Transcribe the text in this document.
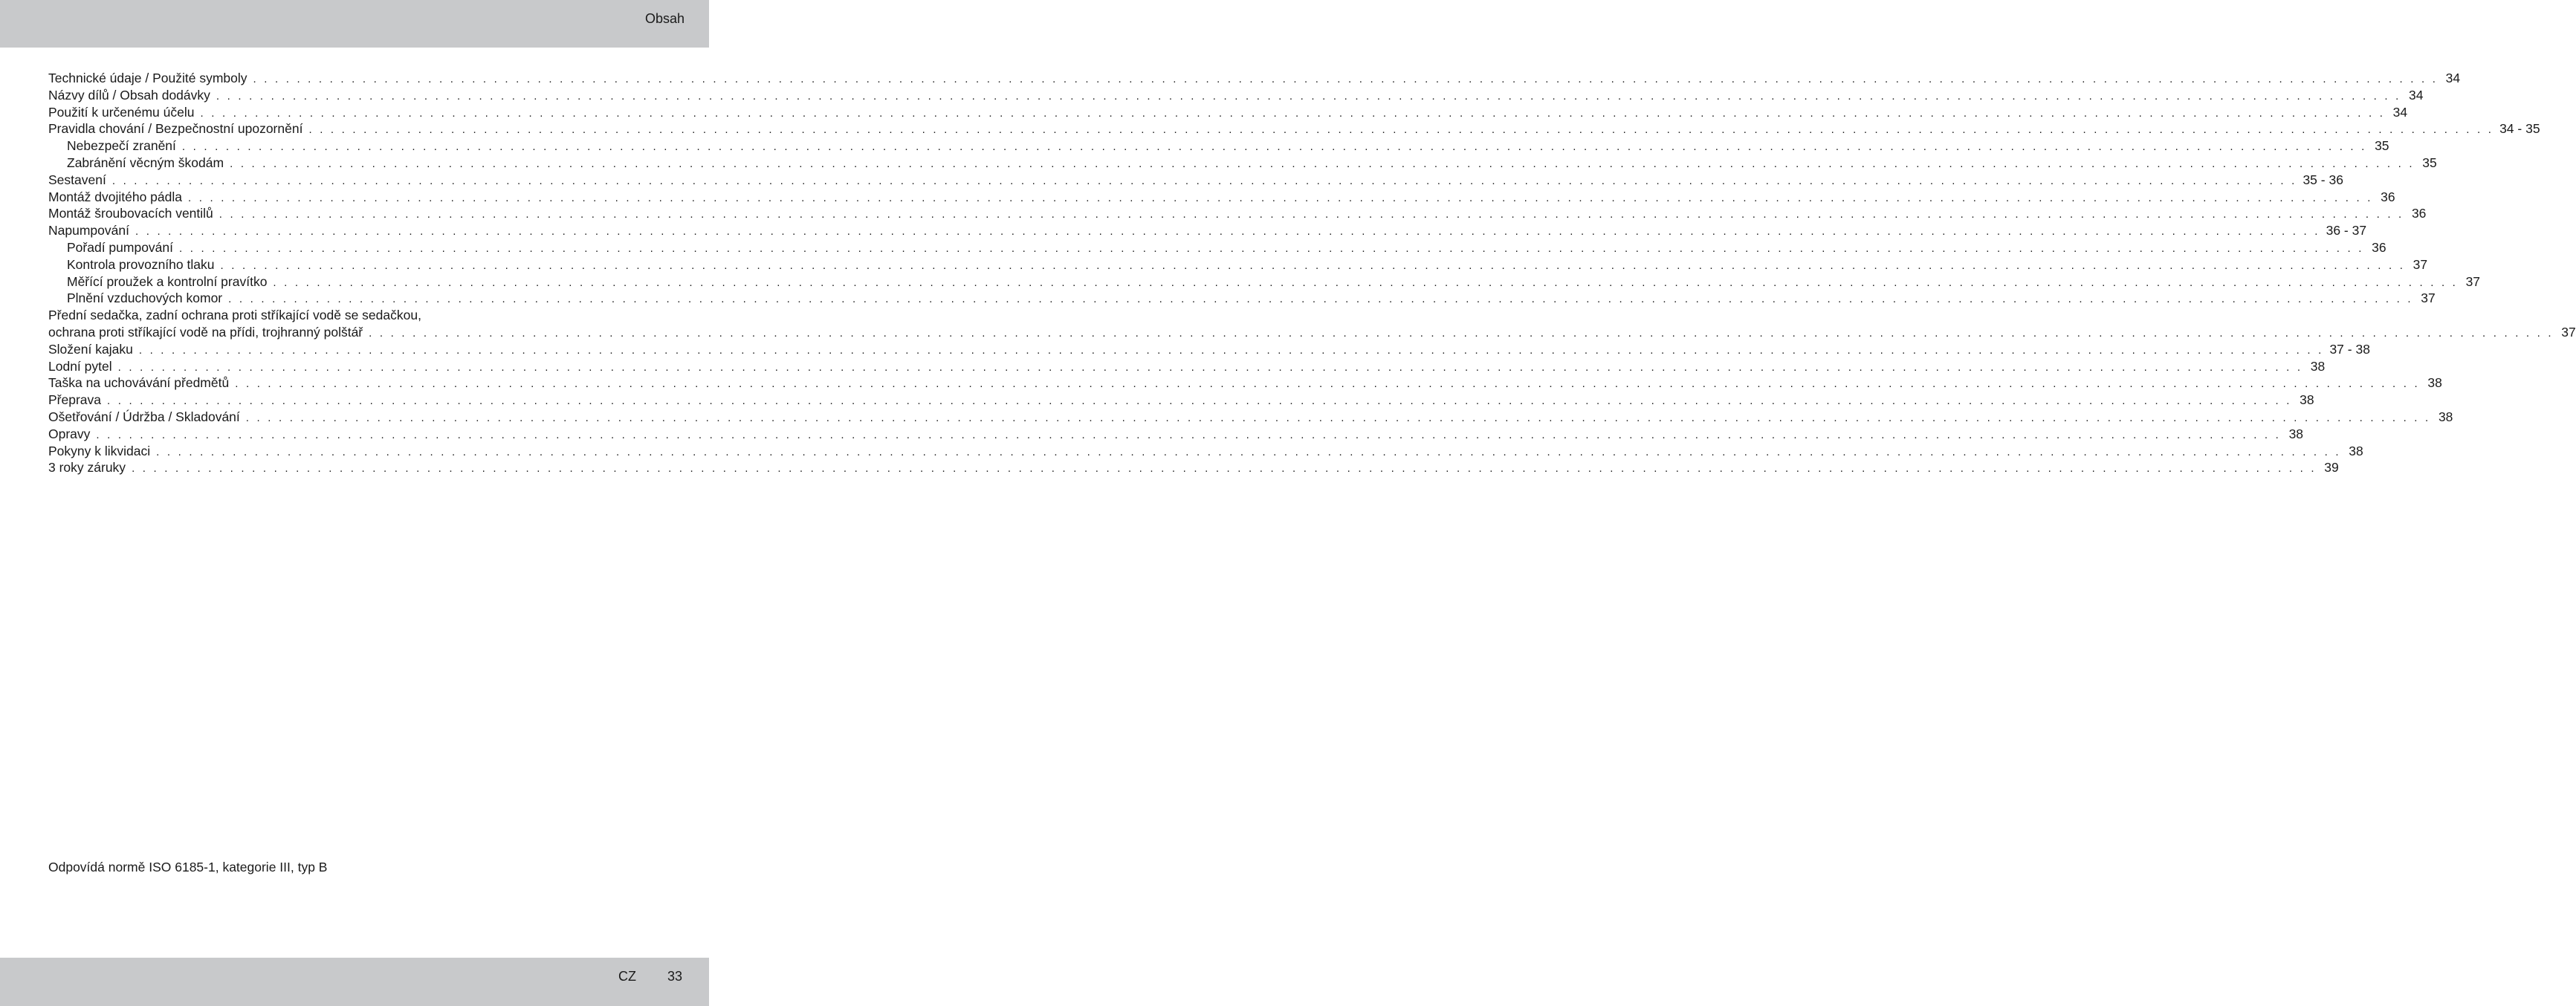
Obsah
Technické údaje / Použité symboly . . . . . . . . . . . . . . . . . . . . . . . . . . . . . . . . . . . . . . . . . . . . . . . . . . . . . . . . . . . . . . . . . . . . . . . . . . . . . . . . . . . . . . . . . . . . . . . . . . . . . . . . . . . . . . . . . . . . . . . . . . . . . . . . . . . . . . . . . . . . . . . . . . . . . . . . . . . . . . . . . . . . . . . . . . . . . . . . . . . . . . . . . . . . . . . . . . . . . . . . 34
Názvy dílů / Obsah dodávky . . . . . . . . . . . . . . . . . . . . . . . . . . . . . . . . . . . . . . . . . . . . . . . . . . . . . . . . . . . . . . . . . . . . . . . . . . . . . . . . . . . . . . . . . . . . . . . . . . . . . . . . . . . . . . . . . . . . . . . . . . . . . . . . . . . . . . . . . . . . . . . . . . . . . . . . . . . . . . . . . . . . . . . . . . . . . . . . . . . . . . . . . . . . . . . . . . . . . . . . 34
Použití k určenému účelu . . . . . . . . . . . . . . . . . . . . . . . . . . . . . . . . . . . . . . . . . . . . . . . . . . . . . . . . . . . . . . . . . . . . . . . . . . . . . . . . . . . . . . . . . . . . . . . . . . . . . . . . . . . . . . . . . . . . . . . . . . . . . . . . . . . . . . . . . . . . . . . . . . . . . . . . . . . . . . . . . . . . . . . . . . . . . . . . . . . . . . . . . . . . . . . . . . . . . . . . 34
Pravidla chování / Bezpečnostní upozornění . . . . . . . . . . . . . . . . . . . . . . . . . . . . . . . . . . . . . . . . . . . . . . . . . . . . . . . . . . . . . . . . . . . . . . . . . . . . . . . . . . . . . . . . . . . . . . . . . . . . . . . . . . . . . . . . . . . . . . . . . . . . . . . . . . . . . . . . . . . . . . . . . . . . . . . . . . . . . . . . . . . . . . . . . . . . . . . . . . . . . . . . . . . . . . . . . . . . . . . . 34 - 35
Nebezpečí zranění . . . . . . . . . . . . . . . . . . . . . . . . . . . . . . . . . . . . . . . . . . . . . . . . . . . . . . . . . . . . . . . . . . . . . . . . . . . . . . . . . . . . . . . . . . . . . . . . . . . . . . . . . . . . . . . . . . . . . . . . . . . . . . . . . . . . . . . . . . . . . . . . . . . . . . . . . . . . . . . . . . . . . . . . . . . . . . . . . . . . . . . . . . . . . . . . . . . . . . . . 35
Zabránění věcným škodám . . . . . . . . . . . . . . . . . . . . . . . . . . . . . . . . . . . . . . . . . . . . . . . . . . . . . . . . . . . . . . . . . . . . . . . . . . . . . . . . . . . . . . . . . . . . . . . . . . . . . . . . . . . . . . . . . . . . . . . . . . . . . . . . . . . . . . . . . . . . . . . . . . . . . . . . . . . . . . . . . . . . . . . . . . . . . . . . . . . . . . . . . . . . . . . . . . . . . . . . 35
Sestavení . . . . . . . . . . . . . . . . . . . . . . . . . . . . . . . . . . . . . . . . . . . . . . . . . . . . . . . . . . . . . . . . . . . . . . . . . . . . . . . . . . . . . . . . . . . . . . . . . . . . . . . . . . . . . . . . . . . . . . . . . . . . . . . . . . . . . . . . . . . . . . . . . . . . . . . . . . . . . . . . . . . . . . . . . . . . . . . . . . . . . . . . . . . . . . . . . . . . . . . . 35 - 36
Montáž dvojitého pádla . . . . . . . . . . . . . . . . . . . . . . . . . . . . . . . . . . . . . . . . . . . . . . . . . . . . . . . . . . . . . . . . . . . . . . . . . . . . . . . . . . . . . . . . . . . . . . . . . . . . . . . . . . . . . . . . . . . . . . . . . . . . . . . . . . . . . . . . . . . . . . . . . . . . . . . . . . . . . . . . . . . . . . . . . . . . . . . . . . . . . . . . . . . . . . . . . . . . . . . . 36
Montáž šroubovacích ventilů . . . . . . . . . . . . . . . . . . . . . . . . . . . . . . . . . . . . . . . . . . . . . . . . . . . . . . . . . . . . . . . . . . . . . . . . . . . . . . . . . . . . . . . . . . . . . . . . . . . . . . . . . . . . . . . . . . . . . . . . . . . . . . . . . . . . . . . . . . . . . . . . . . . . . . . . . . . . . . . . . . . . . . . . . . . . . . . . . . . . . . . . . . . . . . . . . . . . . . . . 36
Napumpování . . . . . . . . . . . . . . . . . . . . . . . . . . . . . . . . . . . . . . . . . . . . . . . . . . . . . . . . . . . . . . . . . . . . . . . . . . . . . . . . . . . . . . . . . . . . . . . . . . . . . . . . . . . . . . . . . . . . . . . . . . . . . . . . . . . . . . . . . . . . . . . . . . . . . . . . . . . . . . . . . . . . . . . . . . . . . . . . . . . . . . . . . . . . . . . . . . . . . . . . 36 - 37
Pořadí pumpování . . . . . . . . . . . . . . . . . . . . . . . . . . . . . . . . . . . . . . . . . . . . . . . . . . . . . . . . . . . . . . . . . . . . . . . . . . . . . . . . . . . . . . . . . . . . . . . . . . . . . . . . . . . . . . . . . . . . . . . . . . . . . . . . . . . . . . . . . . . . . . . . . . . . . . . . . . . . . . . . . . . . . . . . . . . . . . . . . . . . . . . . . . . . . . . . . . . . . . . . 36
Kontrola provozního tlaku . . . . . . . . . . . . . . . . . . . . . . . . . . . . . . . . . . . . . . . . . . . . . . . . . . . . . . . . . . . . . . . . . . . . . . . . . . . . . . . . . . . . . . . . . . . . . . . . . . . . . . . . . . . . . . . . . . . . . . . . . . . . . . . . . . . . . . . . . . . . . . . . . . . . . . . . . . . . . . . . . . . . . . . . . . . . . . . . . . . . . . . . . . . . . . . . . . . . . . . . 37
Měřící proužek a kontrolní pravítko . . . . . . . . . . . . . . . . . . . . . . . . . . . . . . . . . . . . . . . . . . . . . . . . . . . . . . . . . . . . . . . . . . . . . . . . . . . . . . . . . . . . . . . . . . . . . . . . . . . . . . . . . . . . . . . . . . . . . . . . . . . . . . . . . . . . . . . . . . . . . . . . . . . . . . . . . . . . . . . . . . . . . . . . . . . . . . . . . . . . . . . . . . . . . . . . . . . . . . . . 37
Plnění vzduchových komor . . . . . . . . . . . . . . . . . . . . . . . . . . . . . . . . . . . . . . . . . . . . . . . . . . . . . . . . . . . . . . . . . . . . . . . . . . . . . . . . . . . . . . . . . . . . . . . . . . . . . . . . . . . . . . . . . . . . . . . . . . . . . . . . . . . . . . . . . . . . . . . . . . . . . . . . . . . . . . . . . . . . . . . . . . . . . . . . . . . . . . . . . . . . . . . . . . . . . . . . 37
Přední sedačka, zadní ochrana proti stříkající vodě se sedačkou,
ochrana proti stříkající vodě na přídi, trojhranný polštář . . . . . . . . . . . . . . . . . . . . . . . . . . . . . . . . . . . . . . . . . . . . . . . . . . . . . . . . . . . . . . . . . . . . . . . . . . . . . . . . . . . . . . . . . . . . . . . . . . . . . . . . . . . . . . . . . . . . . . . . . . . . . . . . . . . . . . . . . . . . . . . . . . . . . . . . . . . . . . . . . . . . . . . . . . . . . . . . . . . . . . . . . . . . . . . . . . . . . . . . 37
Složení kajaku . . . . . . . . . . . . . . . . . . . . . . . . . . . . . . . . . . . . . . . . . . . . . . . . . . . . . . . . . . . . . . . . . . . . . . . . . . . . . . . . . . . . . . . . . . . . . . . . . . . . . . . . . . . . . . . . . . . . . . . . . . . . . . . . . . . . . . . . . . . . . . . . . . . . . . . . . . . . . . . . . . . . . . . . . . . . . . . . . . . . . . . . . . . . . . . . . . . . . . . . 37 - 38
Lodní pytel . . . . . . . . . . . . . . . . . . . . . . . . . . . . . . . . . . . . . . . . . . . . . . . . . . . . . . . . . . . . . . . . . . . . . . . . . . . . . . . . . . . . . . . . . . . . . . . . . . . . . . . . . . . . . . . . . . . . . . . . . . . . . . . . . . . . . . . . . . . . . . . . . . . . . . . . . . . . . . . . . . . . . . . . . . . . . . . . . . . . . . . . . . . . . . . . . . . . . . . . 38
Taška na uchovávání předmětů . . . . . . . . . . . . . . . . . . . . . . . . . . . . . . . . . . . . . . . . . . . . . . . . . . . . . . . . . . . . . . . . . . . . . . . . . . . . . . . . . . . . . . . . . . . . . . . . . . . . . . . . . . . . . . . . . . . . . . . . . . . . . . . . . . . . . . . . . . . . . . . . . . . . . . . . . . . . . . . . . . . . . . . . . . . . . . . . . . . . . . . . . . . . . . . . . . . . . . . . 38
Přeprava . . . . . . . . . . . . . . . . . . . . . . . . . . . . . . . . . . . . . . . . . . . . . . . . . . . . . . . . . . . . . . . . . . . . . . . . . . . . . . . . . . . . . . . . . . . . . . . . . . . . . . . . . . . . . . . . . . . . . . . . . . . . . . . . . . . . . . . . . . . . . . . . . . . . . . . . . . . . . . . . . . . . . . . . . . . . . . . . . . . . . . . . . . . . . . . . . . . . . . . . 38
Ošetřování / Údržba / Skladování . . . . . . . . . . . . . . . . . . . . . . . . . . . . . . . . . . . . . . . . . . . . . . . . . . . . . . . . . . . . . . . . . . . . . . . . . . . . . . . . . . . . . . . . . . . . . . . . . . . . . . . . . . . . . . . . . . . . . . . . . . . . . . . . . . . . . . . . . . . . . . . . . . . . . . . . . . . . . . . . . . . . . . . . . . . . . . . . . . . . . . . . . . . . . . . . . . . . . . . . 38
Opravy . . . . . . . . . . . . . . . . . . . . . . . . . . . . . . . . . . . . . . . . . . . . . . . . . . . . . . . . . . . . . . . . . . . . . . . . . . . . . . . . . . . . . . . . . . . . . . . . . . . . . . . . . . . . . . . . . . . . . . . . . . . . . . . . . . . . . . . . . . . . . . . . . . . . . . . . . . . . . . . . . . . . . . . . . . . . . . . . . . . . . . . . . . . . . . . . . . . . . . . . 38
Pokyny k likvidaci . . . . . . . . . . . . . . . . . . . . . . . . . . . . . . . . . . . . . . . . . . . . . . . . . . . . . . . . . . . . . . . . . . . . . . . . . . . . . . . . . . . . . . . . . . . . . . . . . . . . . . . . . . . . . . . . . . . . . . . . . . . . . . . . . . . . . . . . . . . . . . . . . . . . . . . . . . . . . . . . . . . . . . . . . . . . . . . . . . . . . . . . . . . . . . . . . . . . . . . . 38
3 roky záruky . . . . . . . . . . . . . . . . . . . . . . . . . . . . . . . . . . . . . . . . . . . . . . . . . . . . . . . . . . . . . . . . . . . . . . . . . . . . . . . . . . . . . . . . . . . . . . . . . . . . . . . . . . . . . . . . . . . . . . . . . . . . . . . . . . . . . . . . . . . . . . . . . . . . . . . . . . . . . . . . . . . . . . . . . . . . . . . . . . . . . . . . . . . . . . . . . . . . . . . . 39
Odpovídá normě ISO 6185-1, kategorie III, typ B
CZ 33
